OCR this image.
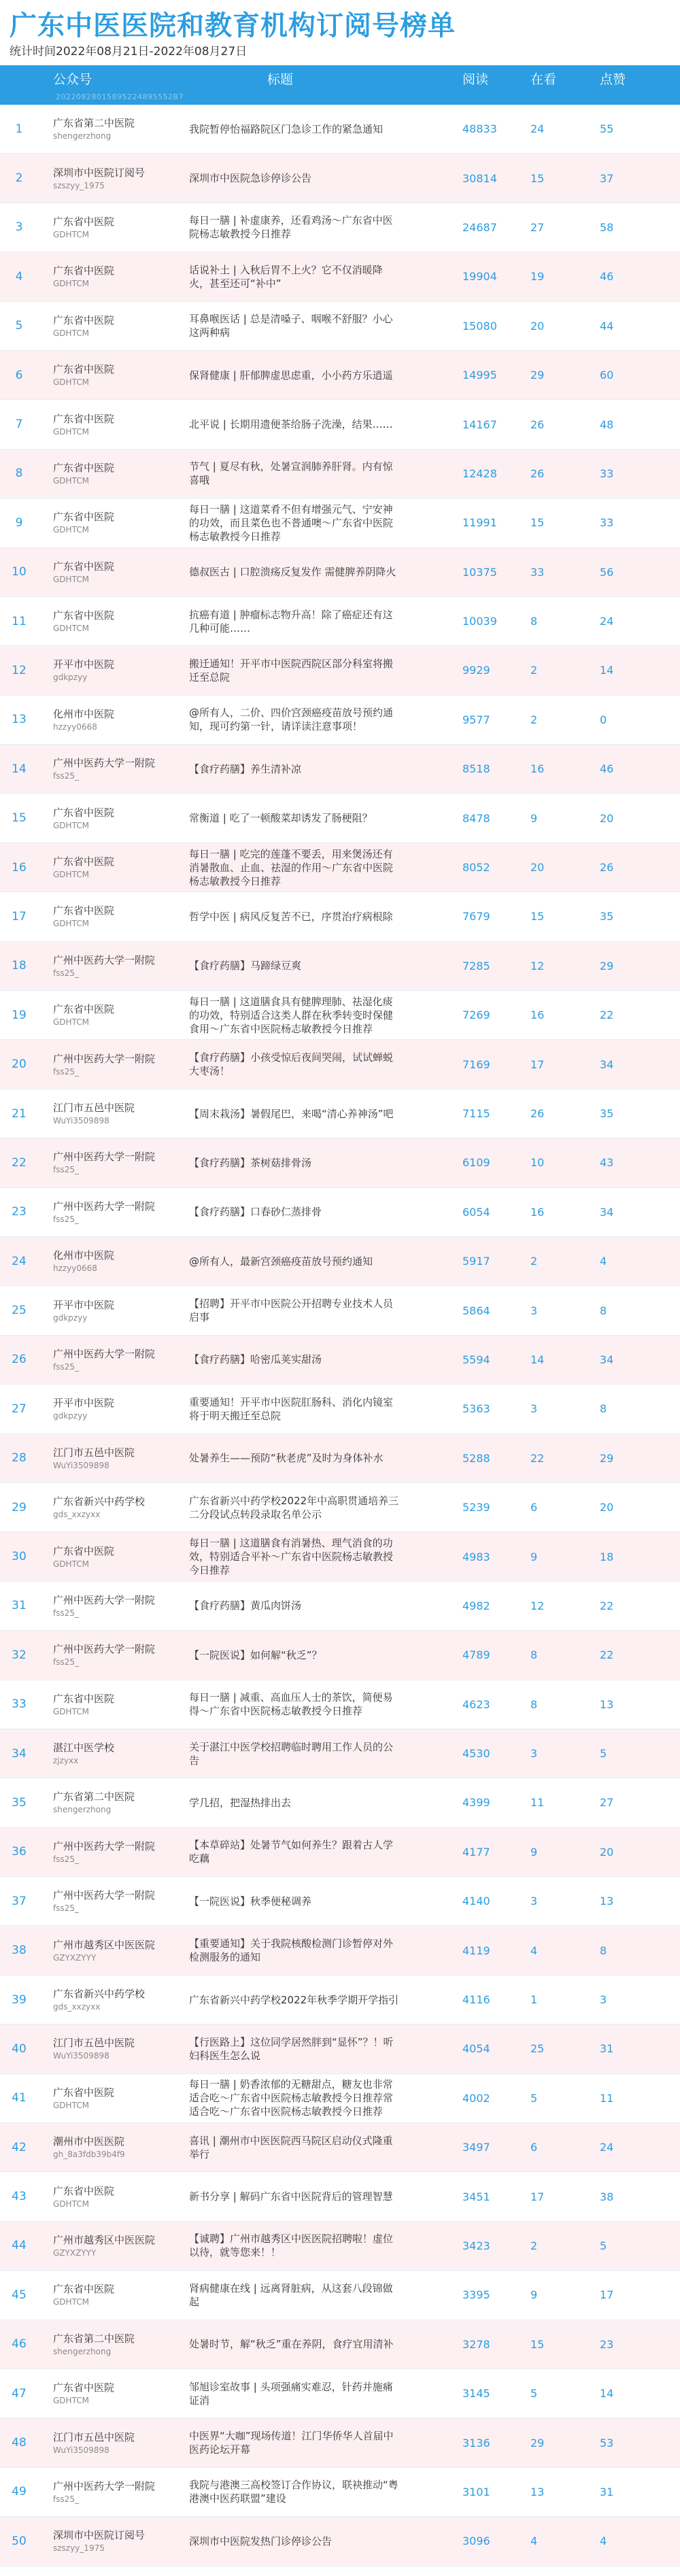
广东中医医院和教育机构订阅号榜单
统计时间2022年08月21日-2022年08月27日
公众号	标题	阅读	在看	点赞
20220828015895224895552B7
1	广东省第二中医院
shengerzhong
我院暂停怡福路院区门急诊工作的紧急通知	48833	24	55
2	深圳市中医院订阅号
szszyy_1975
深圳市中医院急诊停诊公告	30814	15	37
3	广东省中医院
GDHTCM
每日一膳 | 补虚康养，还看鸡汤～广东省中医院杨志敏教授今日推荐
24687	27	58
4	广东省中医院
GDHTCM
话说补土 | 入秋后胃不上火？它不仅消暖降火，甚至还可“补中”
19904	19	46
5	广东省中医院
GDHTCM
耳鼻喉医话 | 总是清嗓子、咽喉不舒服？小心这两种病
15080	20	44
6	广东省中医院
GDHTCM
保肾健康 | 肝郁脾虚思虑重，小小药方乐逍遥	14995	29	60
7	广东省中医院
GDHTCM
北平说 | 长期用遗便茶给肠子洗澡，结果……	14167	26	48
8	广东省中医院
GDHTCM
节气 | 夏尽有秋，处暑宣润肺养肝肾。内有惊喜哦
12428	26	33
9	广东省中医院
GDHTCM
每日一膳 | 这道菜肴不但有增强元气、宁安神的功效，而且菜色也不普通噢～广东省中医院杨志敏教授今日推荐
11991	15	33
10	广东省中医院
GDHTCM
德叔医古 | 口腔溃疡反复发作 需健脾养阴降火	10375	33	56
11	广东省中医院
GDHTCM
抗癌有道 | 肿瘤标志物升高！除了癌症还有这几种可能……
10039	8	24
12	开平市中医院
gdkpzyy
搬迁通知！开平市中医院西院区部分科室将搬迁至总院
9929	2	14
13	化州市中医院
hzzyy0668
@所有人，二价、四价宫颈癌疫苗放号预约通知，现可约第一针，请详读注意事项！
9577	2	0
14	广州中医药大学一附院
fss25_
【食疗药膳】养生清补凉	8518	16	46
15	广东省中医院
GDHTCM
常衡道 | 吃了一顿酸菜却诱发了肠梗阻？	8478	9	20
16	广东省中医院
GDHTCM
每日一膳 | 吃完的莲蓬不要丢，用来煲汤还有消暑散血、止血、祛湿的作用～广东省中医院杨志敏教授今日推荐
8052	20	26
17	广东省中医院
GDHTCM
哲学中医 | 病风反复苦不已，序贯治疗病根除	7679	15	35
18	广州中医药大学一附院
fss25_
【食疗药膳】马蹄绿豆爽	7285	12	29
19	广东省中医院
GDHTCM
每日一膳 | 这道膳食具有健脾理肺、祛湿化痰的功效，特别适合这类人群在秋季转变时保健食用～广东省中医院杨志敏教授今日推荐
7269	16	22
20	广州中医药大学一附院
fss25_
【食疗药膳】小孩受惊后夜间哭闹，试试蝉蜕大枣汤！
7169	17	34
21	江门市五邑中医院
WuYi3509898
【周末栽汤】暑假尾巴，来喝“清心养神汤”吧	7115	26	35
22	广州中医药大学一附院
fss25_
【食疗药膳】茶树菇排骨汤	6109	10	43
23	广州中医药大学一附院
fss25_
【食疗药膳】口春砂仁蒸排骨	6054	16	34
24	化州市中医院
hzzyy0668
@所有人，最新宫颈癌疫苗放号预约通知	5917	2	4
25	开平市中医院
gdkpzyy
【招聘】开平市中医院公开招聘专业技术人员启事
5864	3	8
26	广州中医药大学一附院
fss25_
【食疗药膳】哈密瓜荚实甜汤	5594	14	34
27	开平市中医院
gdkpzyy
重要通知！开平市中医院肛肠科、消化内镜室将于明天搬迁至总院
5363	3	8
28	江门市五邑中医院
WuYi3509898
处暑养生——预防“秋老虎”及时为身体补水	5288	22	29
29	广东省新兴中药学校
gds_xxzyxx
广东省新兴中药学校2022年中高职贯通培养三二分段试点转段录取名单公示
5239	6	20
30	广东省中医院
GDHTCM
每日一膳 | 这道膳食有消暑热、理气消食的功效，特别适合平补～广东省中医院杨志敏教授今日推荐
4983	9	18
31	广州中医药大学一附院
fss25_
【食疗药膳】黄瓜肉饼汤	4982	12	22
32	广州中医药大学一附院
fss25_
【一院医说】如何解“秋乏”？	4789	8	22
33	广东省中医院
GDHTCM
每日一膳 | 减重、高血压人士的茶饮，简便易得～广东省中医院杨志敏教授今日推荐
4623	8	13
34	湛江中医学校
zjzyxx
关于湛江中医学校招聘临时聘用工作人员的公告
4530	3	5
35	广东省第二中医院
shengerzhong
学几招，把湿热排出去	4399	11	27
36	广州中医药大学一附院
fss25_
【本草碎站】处暑节气如何养生？跟着古人学吃藕
4177	9	20
37	广州中医药大学一附院
fss25_
【一院医说】秋季便秘调养	4140	3	13
38	广州市越秀区中医医院
GZYXZYYY
【重要通知】关于我院核酸检测门诊暂停对外检测服务的通知
4119	4	8
39	广东省新兴中药学校
gds_xxzyxx
广东省新兴中药学校2022年秋季学期开学指引	4116	1	3
40	江门市五邑中医院
WuYi3509898
【行医路上】这位同学居然胖到“显怀”？！听妇科医生怎么说
4054	25	31
41	广东省中医院
GDHTCM
每日一膳 | 奶香浓郁的无糖甜点，糖友也非常适合吃～广东省中医院杨志敏教授今日推荐常适合吃～广东省中医院杨志敏教授今日推荐
4002	5	11
42	潮州市中医医院
gh_8a3fdb39b4f9
喜讯 | 潮州市中医医院西马院区启动仪式隆重举行
3497	6	24
43	广东省中医院
GDHTCM
新书分享 | 解码广东省中医院背后的管理智慧	3451	17	38
44	广州市越秀区中医医院
GZYXZYYY
【诚聘】广州市越秀区中医医院招聘啦！虚位以待，就等您来！！
3423	2	5
45	广东省中医院
GDHTCM
肾病健康在线 | 远离肾脏病，从这套八段锦做起
3395	9	17
46	广东省第二中医院
shengerzhong
处暑时节，解“秋乏”重在养阴，食疗宜用清补	3278	15	23
47	广东省中医院
GDHTCM
邹旭诊室故事 | 头项强痛实难忍，针药并施痛证消
3145	5	14
48	江门市五邑中医院
WuYi3509898
中医界“大咖”现场传道！江门华侨华人首届中医药论坛开幕
3136	29	53
49	广州中医药大学一附院
fss25_
我院与港澳三高校签订合作协议，联袂推动“粤港澳中医药联盟”建设
3101	13	31
50	深圳市中医院订阅号
szszyy_1975
深圳市中医院发热门诊停诊公告	3096	4	4
